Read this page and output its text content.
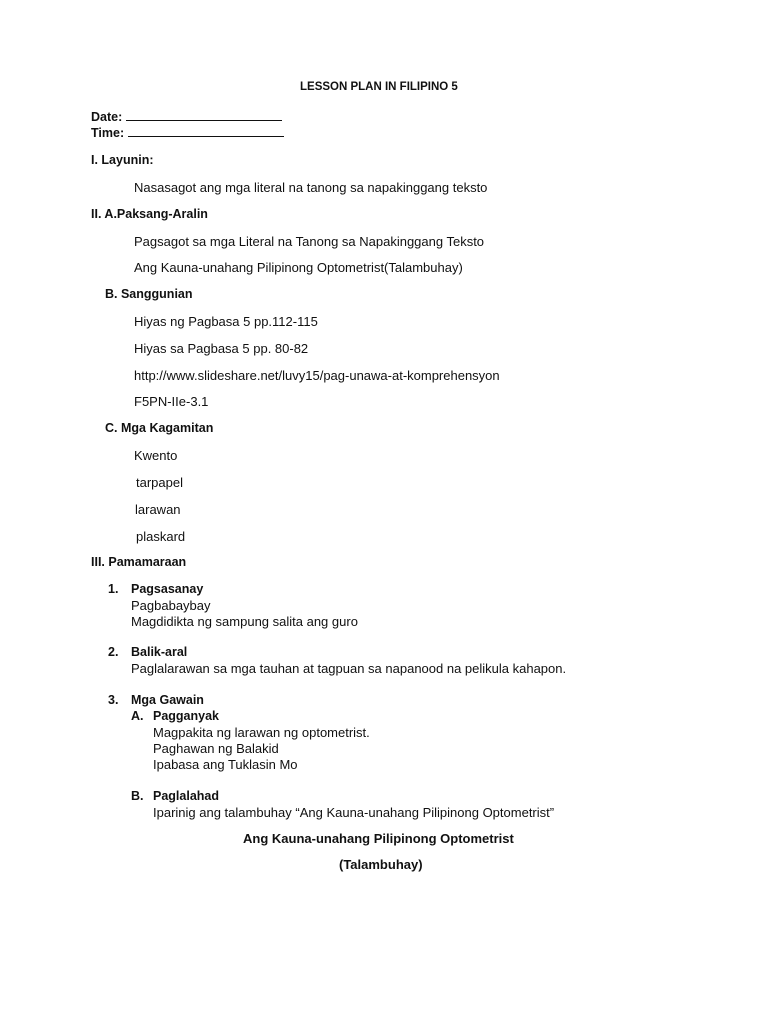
LESSON PLAN IN FILIPINO 5
Date:
Time:
I. Layunin:
Nasasagot ang mga literal na tanong sa napakinggang teksto
II. A.Paksang-Aralin
Pagsagot sa mga Literal na Tanong sa Napakinggang Teksto
Ang Kauna-unahang Pilipinong Optometrist(Talambuhay)
B. Sanggunian
Hiyas ng Pagbasa 5 pp.112-115
Hiyas sa Pagbasa 5 pp. 80-82
http://www.slideshare.net/luvy15/pag-unawa-at-komprehensyon
F5PN-IIe-3.1
C. Mga Kagamitan
Kwento
tarpapel
larawan
plaskard
III. Pamamaraan
1. Pagsasanay
Pagbabaybay
Magdidikta ng sampung salita ang guro
2. Balik-aral
Paglalarawan sa mga tauhan at tagpuan sa napanood na pelikula kahapon.
3. Mga Gawain
A. Pagganyak
Magpakita ng larawan ng optometrist.
Paghawan ng Balakid
Ipabasa ang Tuklasin Mo
B. Paglalahad
Iparinig ang talambuhay “Ang Kauna-unahang Pilipinong Optometrist”
Ang Kauna-unahang Pilipinong Optometrist
(Talambuhay)
